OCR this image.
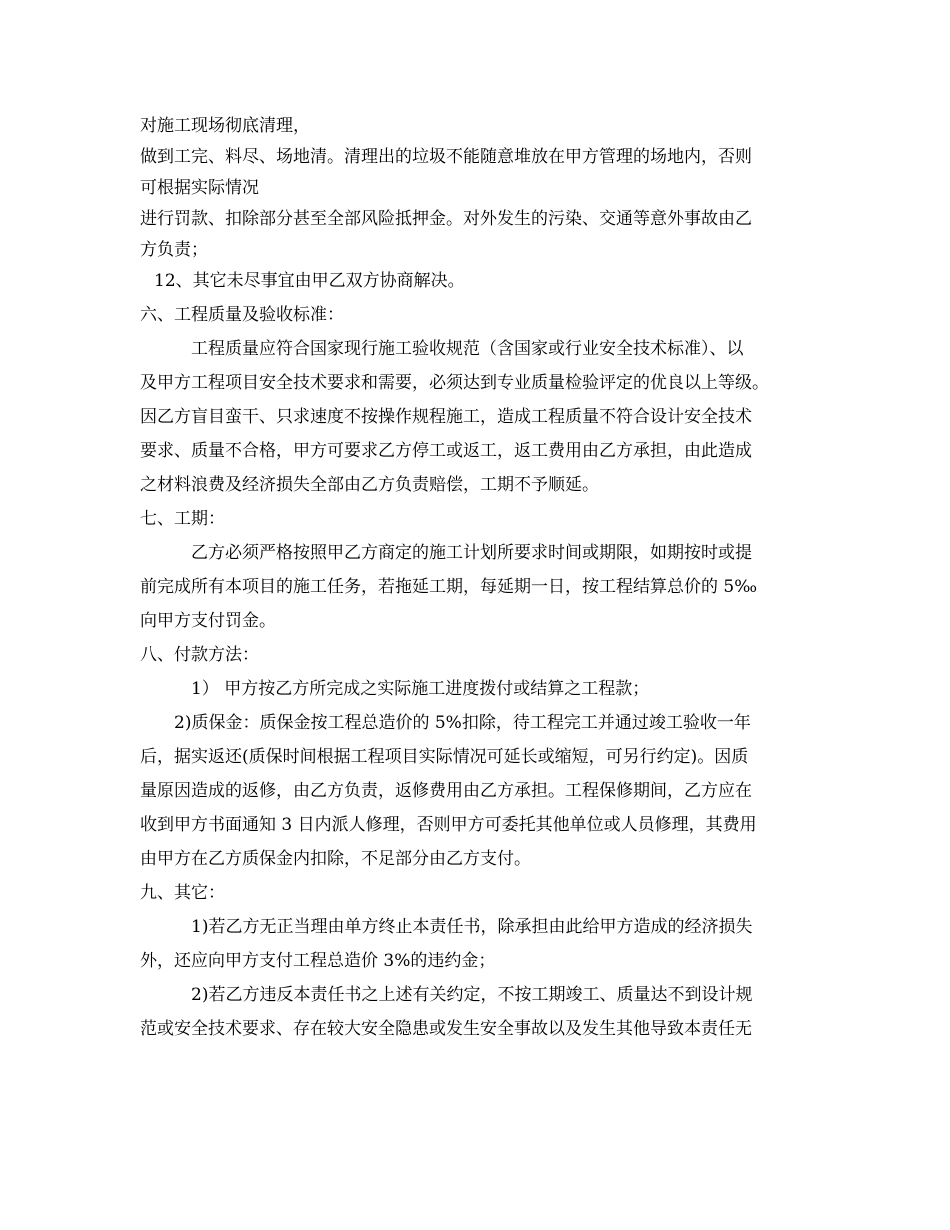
对施工现场彻底清理，
做到工完、料尽、场地清。清理出的垃圾不能随意堆放在甲方管理的场地内，否则
可根据实际情况
进行罚款、扣除部分甚至全部风险抵押金。对外发生的污染、交通等意外事故由乙
方负责；
12、其它未尽事宜由甲乙双方协商解决。
六、工程质量及验收标准：
工程质量应符合国家现行施工验收规范（含国家或行业安全技术标准）、以
及甲方工程项目安全技术要求和需要，必须达到专业质量检验评定的优良以上等级。
因乙方盲目蛮干、只求速度不按操作规程施工，造成工程质量不符合设计安全技术
要求、质量不合格，甲方可要求乙方停工或返工，返工费用由乙方承担，由此造成
之材料浪费及经济损失全部由乙方负责赔偿，工期不予顺延。
七、工期：
乙方必须严格按照甲乙方商定的施工计划所要求时间或期限，如期按时或提
前完成所有本项目的施工任务，若拖延工期，每延期一日，按工程结算总价的 5‰
向甲方支付罚金。
八、付款方法：
1） 甲方按乙方所完成之实际施工进度拨付或结算之工程款；
2)质保金：质保金按工程总造价的 5%扣除，待工程完工并通过竣工验收一年
后，据实返还(质保时间根据工程项目实际情况可延长或缩短，可另行约定)。因质
量原因造成的返修，由乙方负责，返修费用由乙方承担。工程保修期间，乙方应在
收到甲方书面通知 3 日内派人修理，否则甲方可委托其他单位或人员修理，其费用
由甲方在乙方质保金内扣除，不足部分由乙方支付。
九、其它：
1)若乙方无正当理由单方终止本责任书，除承担由此给甲方造成的经济损失
外，还应向甲方支付工程总造价 3%的违约金；
2)若乙方违反本责任书之上述有关约定，不按工期竣工、质量达不到设计规
范或安全技术要求、存在较大安全隐患或发生安全事故以及发生其他导致本责任无
